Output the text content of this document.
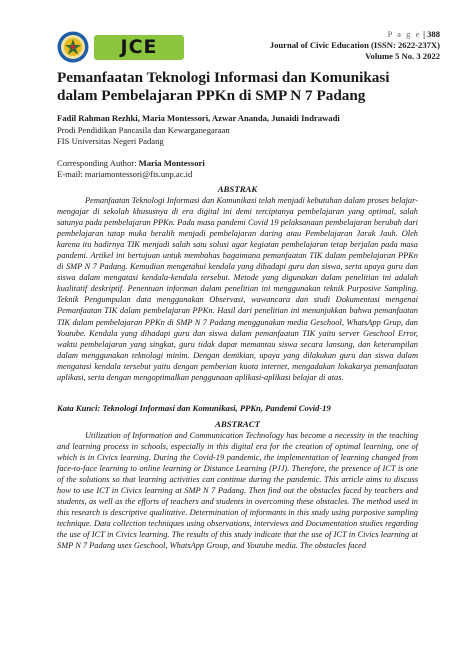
JCE
P a g e | 388
Journal of Civic Education (ISSN: 2622-237X)
Volume 5 No. 3 2022
Pemanfaatan Teknologi Informasi dan Komunikasi dalam Pembelajaran PPKn di SMP N 7 Padang
Fadil Rahman Rezhki, Maria Montessori, Azwar Ananda, Junaidi Indrawadi
Prodi Pendidikan Pancasila dan Kewarganegaraan
FIS Universitas Negeri Padang
Corresponding Author: Maria Montessori
E-mail: mariamontessori@fis.unp.ac.id
ABSTRAK
Pemanfaatan Teknologi Informasi dan Komunikasi telah menjadi kebutuhan dalam proses belajar-mengajar di sekolah khususnya di era digital ini demi terciptanya pembelajaran yang optimal, salah satunya pada pembelajaran PPKn. Pada masa pandemi Covid 19 pelaksanaan pembelajaran berubah dari pembelajaran tatap muka beralih menjadi pembelajaran daring atau Pembelajaran Jarak Jauh. Oleh karena itu hadirnya TIK menjadi salah satu solusi agar kegiatan pembelajaran tetap berjalan pada masa pandemi. Artikel ini bertujuan untuk membahas bagaimana pemanfaatan TIK dalam pembelajaran PPKn di SMP N 7 Padang. Kemudian mengetahui kendala yang dihadapi guru dan siswa, serta upaya guru dan siswa dalam mengatasi kendala-kendala tersebut. Metode yang digunakan dalam penelitian ini adalah kualitatif deskriptif. Penentuan informan dalam penelitian ini menggunakan teknik Purposive Sampling. Teknik Pengumpulan data menggunakan Observasi, wawancara dan studi Dokumentasi mengenai Pemanfaatan TIK dalam pembelajaran PPKn. Hasil dari penelitian ini menunjukkan bahwa pemanfaatan TIK dalam pembelajaran PPKn di SMP N 7 Padang menggunakan media Geschool, WhatsApp Grup, dan Youtube. Kendala yang dihadapi guru dan siswa dalam pemanfaatan TIK yaitu server Geschool Error, waktu pembelajaran yang singkat, guru tidak dapat memantau siswa secara lansung, dan keterampilan dalam menggunakan teknologi minim. Dengan demikian, upaya yang dilakukan guru dan siswa dalam mengatasi kendala tersebut yaitu dengan pemberian kuota internet, mengadakan lokakarya pemanfaatan aplikasi, serta dengan mengoptimalkan penggunaan aplikasi-aplikasi belajar di atas.
Kata Kunci: Teknologi Informasi dan Komunikasi, PPKn, Pandemi Covid-19
ABSTRACT
Utilization of Information and Communication Technology has become a necessity in the teaching and learning process in schools, especially in this digital era for the creation of optimal learning, one of which is in Civics learning. During the Covid-19 pandemic, the implementation of learning changed from face-to-face learning to online learning or Distance Learning (PJJ). Therefore, the presence of ICT is one of the solutions so that learning activities can continue during the pandemic. This article aims to discuss how to use ICT in Civics learning at SMP N 7 Padang. Then find out the obstacles faced by teachers and students, as well as the efforts of teachers and students in overcoming these obstacles. The method used in this research is descriptive qualitative. Determination of informants in this study using purposive sampling technique. Data collection techniques using observations, interviews and Documentation studies regarding the use of ICT in Civics learning. The results of this study indicate that the use of ICT in Civics learning at SMP N 7 Padang uses Geschool, WhatsApp Group, and Youtube media. The obstacles faced
